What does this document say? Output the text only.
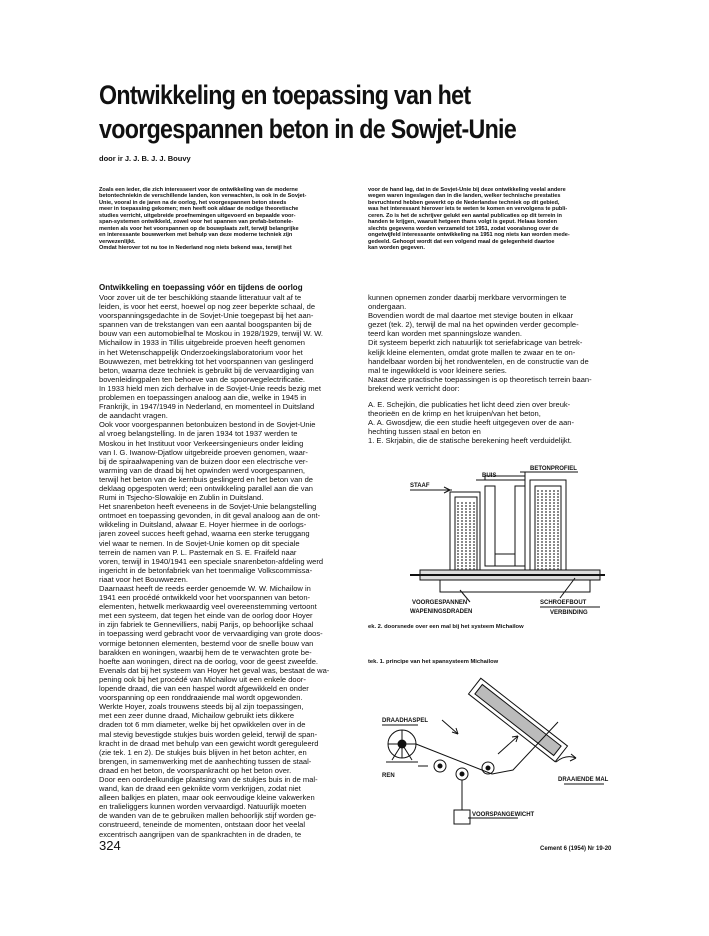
Ontwikkeling en toepassing van het
voorgespannen beton in de Sowjet-Unie
door ir J. J. B. J. J. Bouvy
Zoals een ieder, die zich interesseert voor de ontwikkeling van de moderne
betontechniekin de verschillende landen, kon verwachten, is ook in de Sovjet-
Unie, vooral in de jaren na de oorlog, het voorgespannen beton steeds
meer in toepassing gekomen; men heeft ook aldaar de nodige theoretische
studies verricht, uitgebreide proefnemingen uitgevoerd en bepaalde voor-
span-systemen ontwikkeld, zowel voor het spannen van prefab-betonele-
menten als voor het voorspannen op de bouwplaats zelf, terwijl belangrijke
en interessante bouwwerken met behulp van deze moderne techniek zijn
verwezenlijkt.
Omdat hierover tot nu toe in Nederland nog niets bekend was, terwijl het
voor de hand lag, dat in de Sovjet-Unie bij deze ontwikkeling veelal andere
wegen waren ingeslagen dan in die landen, welker technische prestaties
bevruchtend hebben gewerkt op de Nederlandse techniek op dit gebied,
was het interessant hierover iets te weten te komen en vervolgens te publi-
ceren. Zo is het de schrijver gelukt een aantal publicaties op dit terrein in
handen te krijgen, waaruit hetgeen thans volgt is geput. Helaas konden
slechts gegevens worden verzameld tot 1951, zodat vooralsnog over de
ongetwijfeld interessante ontwikkeling na 1951 nog niets kan worden mede-
gedeeld. Gehoopt wordt dat een volgend maal de gelegenheid daartoe
kan worden gegeven.
Ontwikkeling en toepassing vóór en tijdens de oorlog
Voor zover uit de ter beschikking staande litteratuur valt af te
leiden, is voor het eerst, hoewel op nog zeer beperkte schaal, de
voorspanningsgedachte in de Sovjet-Unie toegepast bij het aan-
spannen van de trekstangen van een aantal boogspanten bij de
bouw van een automobielhal te Moskou in 1928/1929, terwijl W. W.
Michailow in 1933 in Tillis uitgebreide proeven heeft genomen
in het Wetenschappelijk Onderzoekingslaboratorium voor het
Bouwwezen, met betrekking tot het voorspannen van geslingerd
beton, waarna deze techniek is gebruikt bij de vervaardiging van
bovenleidingpalen ten behoeve van de spoorwegelectrificatie.
In 1933 hield men zich derhalve in de Sovjet-Unie reeds bezig met
problemen en toepassingen analoog aan die, welke in 1945 in
Frankrijk, in 1947/1949 in Nederland, en momenteel in Duitsland
de aandacht vragen.
Ook voor voorgespannen betonbuizen bestond in de Sovjet-Unie
al vroeg belangstelling. In de jaren 1934 tot 1937 werden te
Moskou in het Instituut voor Verkeersingenieurs onder leiding
van I. G. Iwanow-Djatlow uitgebreide proeven genomen, waar-
bij de spiraalwapening van de buizen door een electrische ver-
warming van de draad bij het opwinden werd voorgespannen,
terwijl het beton van de kernbuis geslingerd en het beton van de
deklaag opgespoten werd; een ontwikkeling parallel aan die van
Rumi in Tsjecho-Slowakije en Zublin in Duitsland.
Het snarenbeton heeft eveneens in de Sovjet-Unie belangstelling
ontmoet en toepassing gevonden, in dit geval analoog aan de ont-
wikkeling in Duitsland, alwaar E. Hoyer hiermee in de oorlogs-
jaren zoveel succes heeft gehad, waarna een sterke teruggang
viel waar te nemen. In de Sovjet-Unie komen op dit speciale
terrein de namen van P. L. Pasternak en S. E. Fraifeld naar
voren, terwijl in 1940/1941 een speciale snarenbeton-afdeling werd
ingericht in de betonfabriek van het toenmalige Volkscommissa-
riaat voor het Bouwwezen.
Daarnaast heeft de reeds eerder genoemde W. W. Michailow in
1941 een procédé ontwikkeld voor het voorspannen van beton-
elementen, hetwelk merkwaardig veel overeenstemming vertoont
met een systeem, dat tegen het einde van de oorlog door Hoyer
in zijn fabriek te Gennevilliers, nabij Parijs, op behoorlijke schaal
in toepassing werd gebracht voor de vervaardiging van grote doos-
vormige betonnen elementen, bestemd voor de snelle bouw van
barakken en woningen, waarbij hem de te verwachten grote be-
hoefte aan woningen, direct na de oorlog, voor de geest zweefde.
Evenals dat bij het systeem van Hoyer het geval was, bestaat de wa-
pening ook bij het procédé van Michailow uit een enkele door-
lopende draad, die van een haspel wordt afgewikkeld en onder
voorspanning op een ronddraaiende mal wordt opgewonden.
Werkte Hoyer, zoals trouwens steeds bij al zijn toepassingen,
met een zeer dunne draad, Michailow gebruikt iets dikkere
draden tot 6 mm diameter, welke bij het opwikkelen over in de
mal stevig bevestigde stukjes buis worden geleid, terwijl de span-
kracht in de draad met behulp van een gewicht wordt gereguleerd
(zie tek. 1 en 2). De stukjes buis blijven in het beton achter, en
brengen, in samenwerking met de aanhechting tussen de staal-
draad en het beton, de voorspankracht op het beton over.
Door een oordeelkundige plaatsing van de stukjes buis in de mal-
wand, kan de draad een geknikte vorm verkrijgen, zodat niet
alleen balkjes en platen, maar ook eenvoudige kleine vakwerken
en tralieliggers kunnen worden vervaardigd. Natuurlijk moeten
de wanden van de te gebruiken mallen behoorlijk stijf worden ge-
construeerd, teneinde de momenten, ontstaan door het veelal
excentrisch aangrijpen van de spankrachten in de draden, te
kunnen opnemen zonder daarbij merkbare vervormingen te
ondergaan.
Bovendien wordt de mal daartoe met stevige bouten in elkaar
gezet (tek. 2), terwijl de mal na het opwinden verder gecomple-
teerd kan worden met spanningsloze wanden.
Dit systeem beperkt zich natuurlijk tot seriefabricage van betrek-
kelijk kleine elementen, omdat grote mallen te zwaar en te on-
handelbaar worden bij het rondwentelen, en de constructie van de
mal te ingewikkeld is voor kleinere series.
Naast deze practische toepassingen is op theoretisch terrein baan-
brekend werk verricht door:
A. E. Schejkin, die publicaties het licht deed zien over breuk-
theorieën en de krimp en het kruipen/van het beton,
A. A. Gwosdjew, die een studie heeft uitgegeven over de aan-
hechting tussen staal en beton en
1. E. Skrjabin, die de statische berekening heeft verduidelijkt.
BETONPROFIEL
BUIS
STAAF
VOORGESPANNEN
WAPENINGSDRADEN
SCHROEFBOUT
VERBINDING
ek. 2. doorsnede over een mal bij het systeem Michailow
tek. 1. principe van het spansysteem Michailow
DRAADHASPEL
REN
DRAAIENDE MAL
VOORSPANGEWICHT
324	Cement 6 (1954) Nr 19-20
